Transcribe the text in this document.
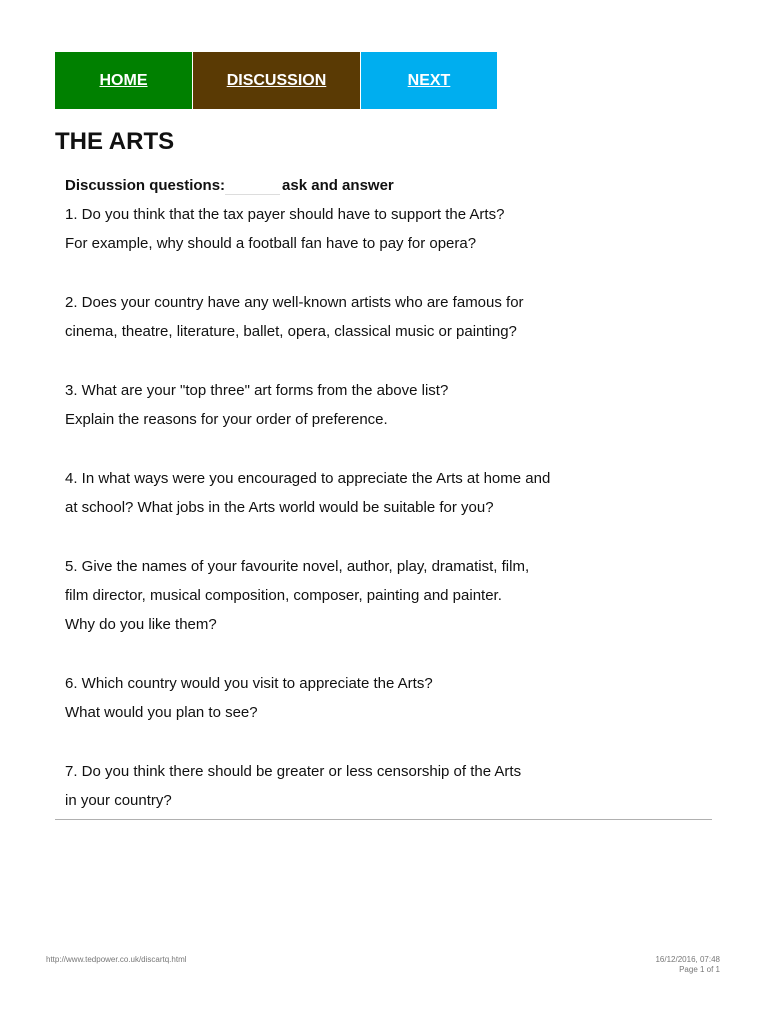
HOME	DISCUSSION	NEXT
THE ARTS
Discussion questions:	ask and answer
1. Do you think that the tax payer should have to support the Arts?
For example, why should a football fan have to pay for opera?
2. Does your country have any well-known artists who are famous for
cinema, theatre, literature, ballet, opera, classical music or painting?
3. What are your "top three" art forms from the above list?
Explain the reasons for your order of preference.
4. In what ways were you encouraged to appreciate the Arts at home and
at school? What jobs in the Arts world would be suitable for you?
5. Give the names of your favourite novel, author, play, dramatist, film,
film director, musical composition, composer, painting and painter.
Why do you like them?
6. Which country would you visit to appreciate the Arts?
What would you plan to see?
7. Do you think there should be greater or less censorship of the Arts
in your country?
http://www.tedpower.co.uk/discartq.html	16/12/2016, 07:48
Page 1 of 1
